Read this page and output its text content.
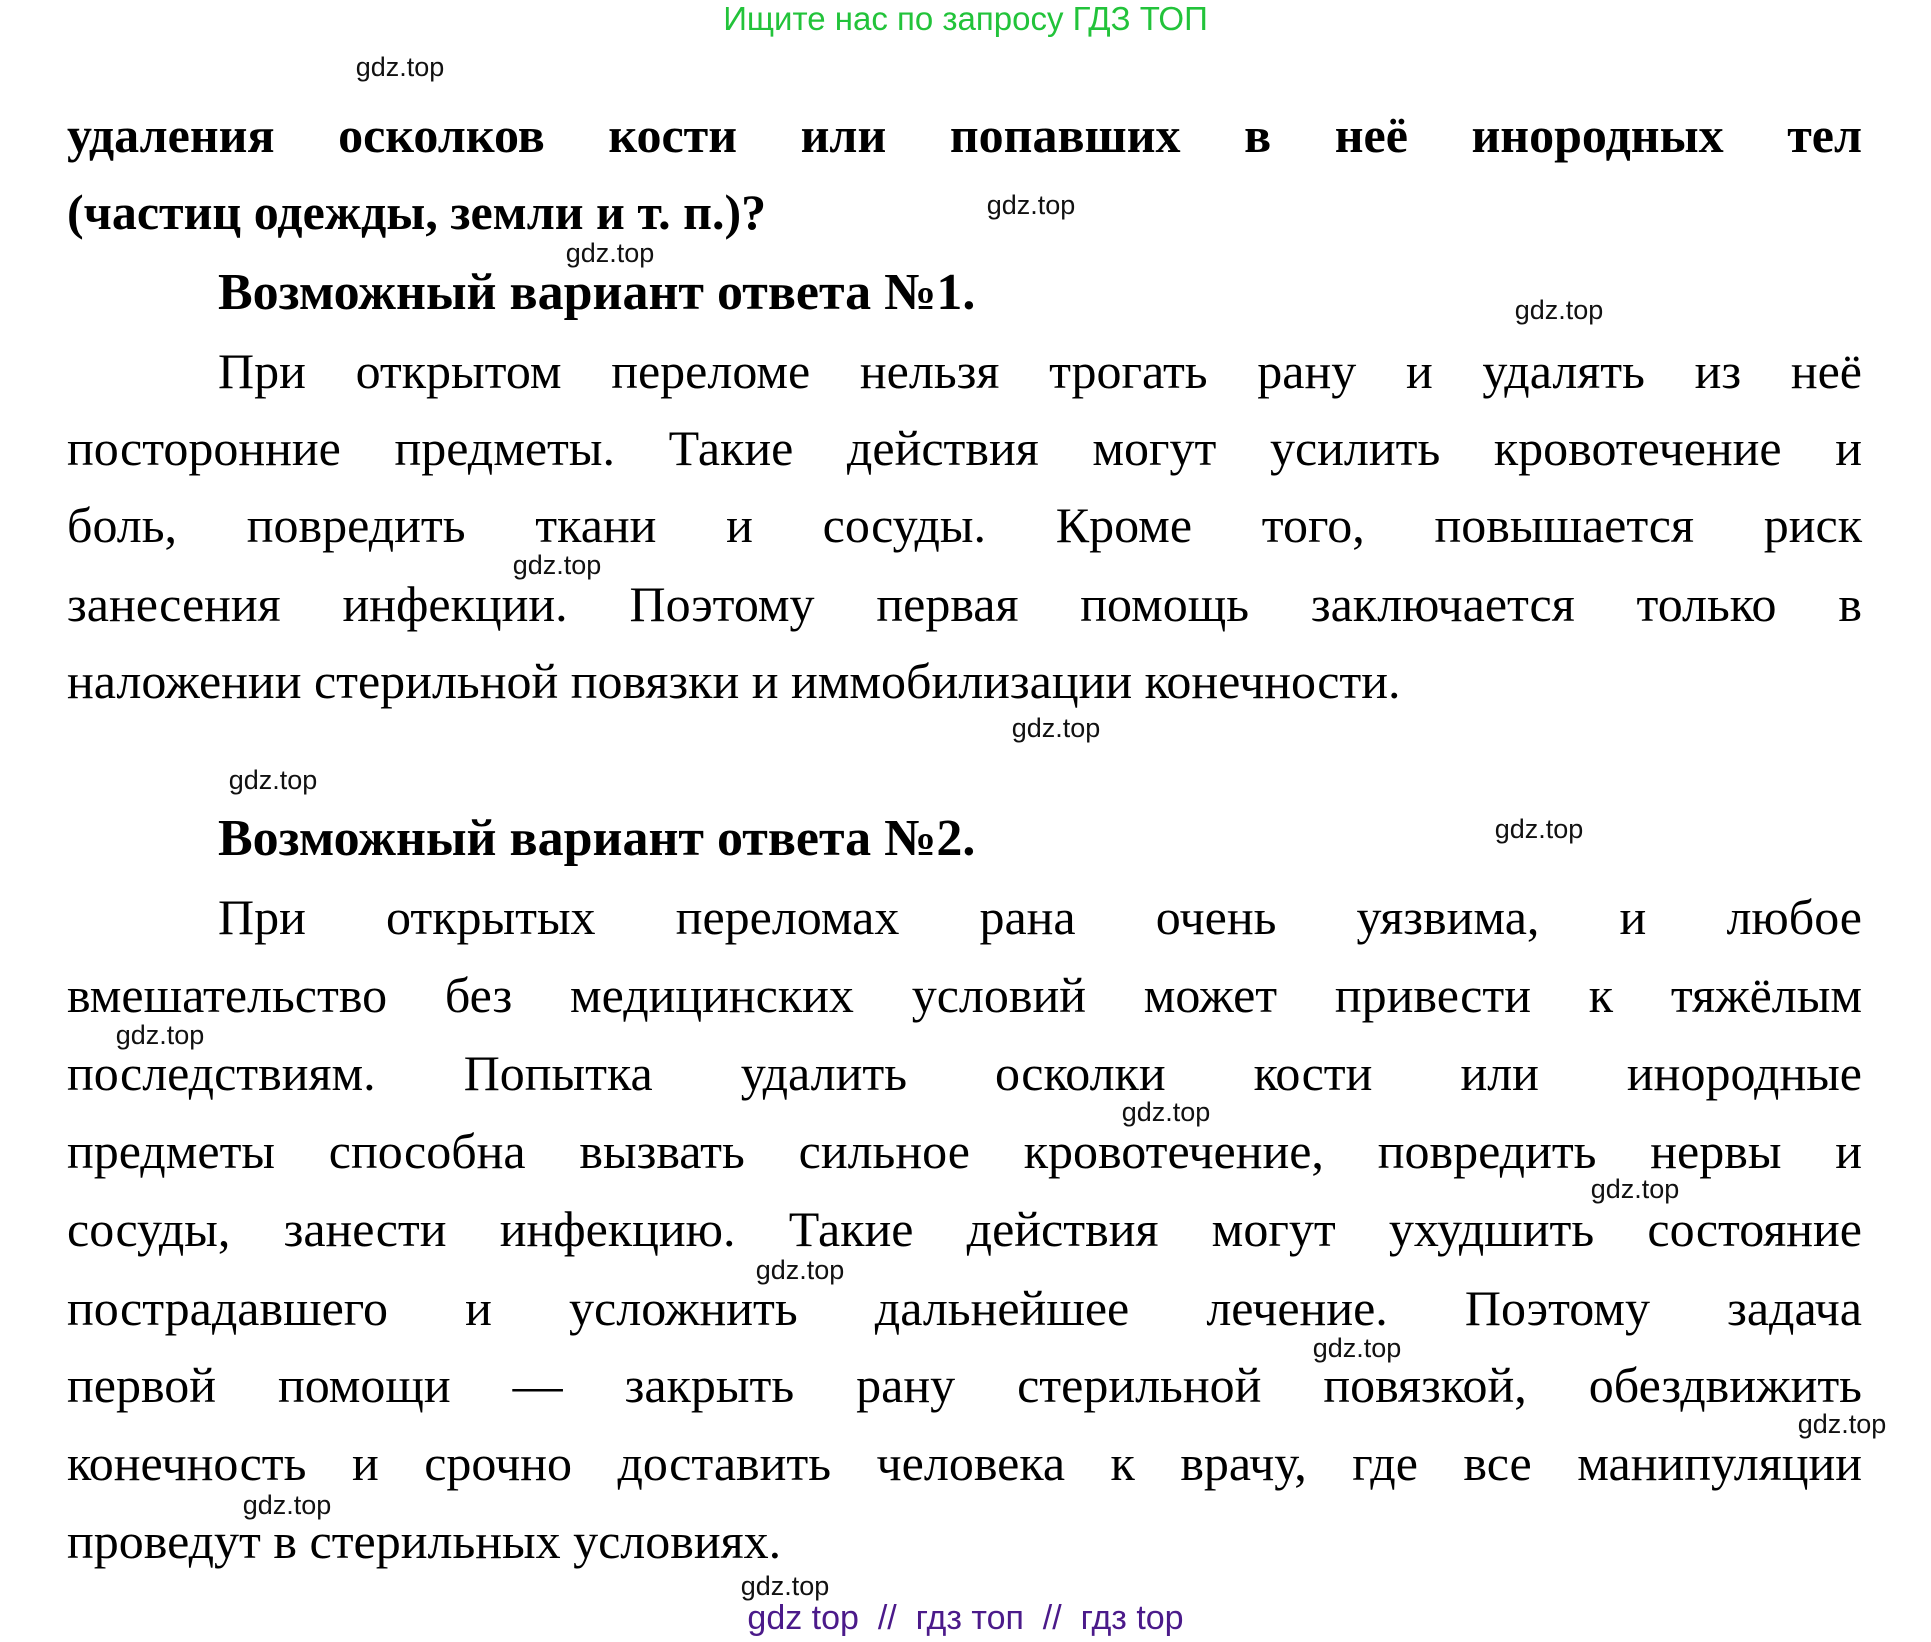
Ищите нас по запросу ГДЗ ТОП
удаления осколков кости или попавших в неё инородных тел
(частиц одежды, земли и т. п.)?
Возможный вариант ответа №1.
При открытом переломе нельзя трогать рану и удалять из неё
посторонние предметы. Такие действия могут усилить кровотечение и
боль, повредить ткани и сосуды. Кроме того, повышается риск
занесения инфекции. Поэтому первая помощь заключается только в
наложении стерильной повязки и иммобилизации конечности.
Возможный вариант ответа №2.
При открытых переломах рана очень уязвима, и любое
вмешательство без медицинских условий может привести к тяжёлым
последствиям. Попытка удалить осколки кости или инородные
предметы способна вызвать сильное кровотечение, повредить нервы и
сосуды, занести инфекцию. Такие действия могут ухудшить состояние
пострадавшего и усложнить дальнейшее лечение. Поэтому задача
первой помощи — закрыть рану стерильной повязкой, обездвижить
конечность и срочно доставить человека к врачу, где все манипуляции
проведут в стерильных условиях.
gdz.top
gdz.top
gdz.top
gdz.top
gdz.top
gdz.top
gdz.top
gdz.top
gdz.top
gdz.top
gdz.top
gdz.top
gdz.top
gdz.top
gdz.top
gdz.top
gdz top  //  гдз топ  //  гдз top
